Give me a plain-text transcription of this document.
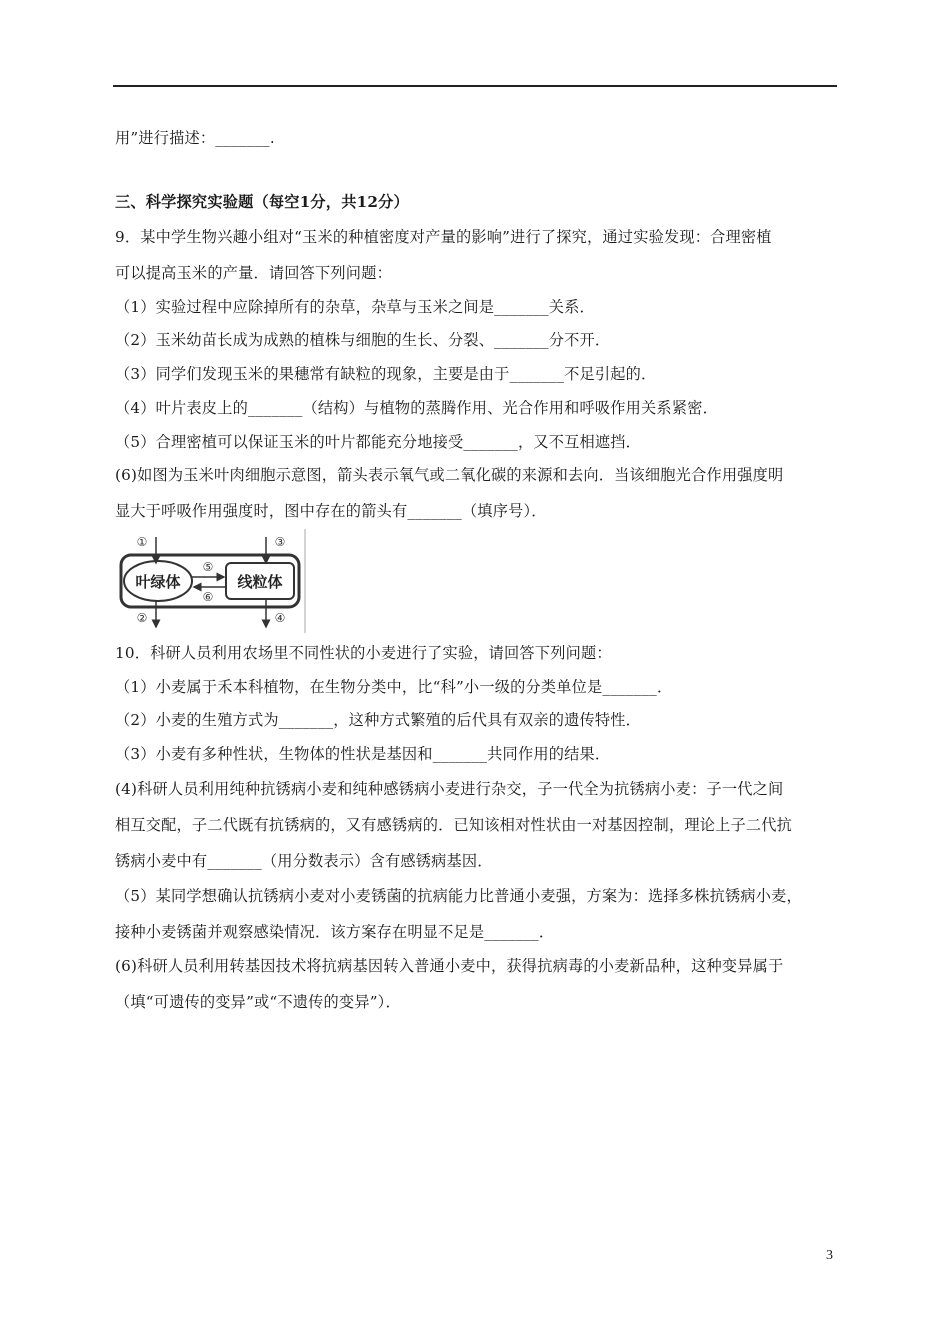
用”进行描述：_______.
三、科学探究实验题（每空1分，共12分）
9．某中学生物兴趣小组对“玉米的种植密度对产量的影响”进行了探究，通过实验发现：合理密植
可以提高玉米的产量．请回答下列问题：
（1）实验过程中应除掉所有的杂草，杂草与玉米之间是_______关系．
（2）玉米幼苗长成为成熟的植株与细胞的生长、分裂、_______分不开．
（3）同学们发现玉米的果穗常有缺粒的现象，主要是由于_______不足引起的．
（4）叶片表皮上的_______（结构）与植物的蒸腾作用、光合作用和呼吸作用关系紧密．
（5）合理密植可以保证玉米的叶片都能充分地接受_______，又不互相遮挡．
(6)如图为玉米叶肉细胞示意图，箭头表示氧气或二氧化碳的来源和去向．当该细胞光合作用强度明
显大于呼吸作用强度时，图中存在的箭头有_______（填序号）．
叶绿体	线粒体
①
②
③
④
⑤
⑥
10．科研人员利用农场里不同性状的小麦进行了实验，请回答下列问题：
（1）小麦属于禾本科植物，在生物分类中，比“科”小一级的分类单位是_______．
（2）小麦的生殖方式为_______，这种方式繁殖的后代具有双亲的遗传特性．
（3）小麦有多种性状，生物体的性状是基因和_______共同作用的结果．
(4)科研人员利用纯种抗锈病小麦和纯种感锈病小麦进行杂交，子一代全为抗锈病小麦：子一代之间
相互交配，子二代既有抗锈病的，又有感锈病的．已知该相对性状由一对基因控制，理论上子二代抗
锈病小麦中有_______（用分数表示）含有感锈病基因．
（5）某同学想确认抗锈病小麦对小麦锈菌的抗病能力比普通小麦强，方案为：选择多株抗锈病小麦，
接种小麦锈菌并观察感染情况．该方案存在明显不足是_______．
(6)科研人员利用转基因技术将抗病基因转入普通小麦中，获得抗病毒的小麦新品种，这种变异属于
（填“可遗传的变异”或“不遗传的变异”）．
3
